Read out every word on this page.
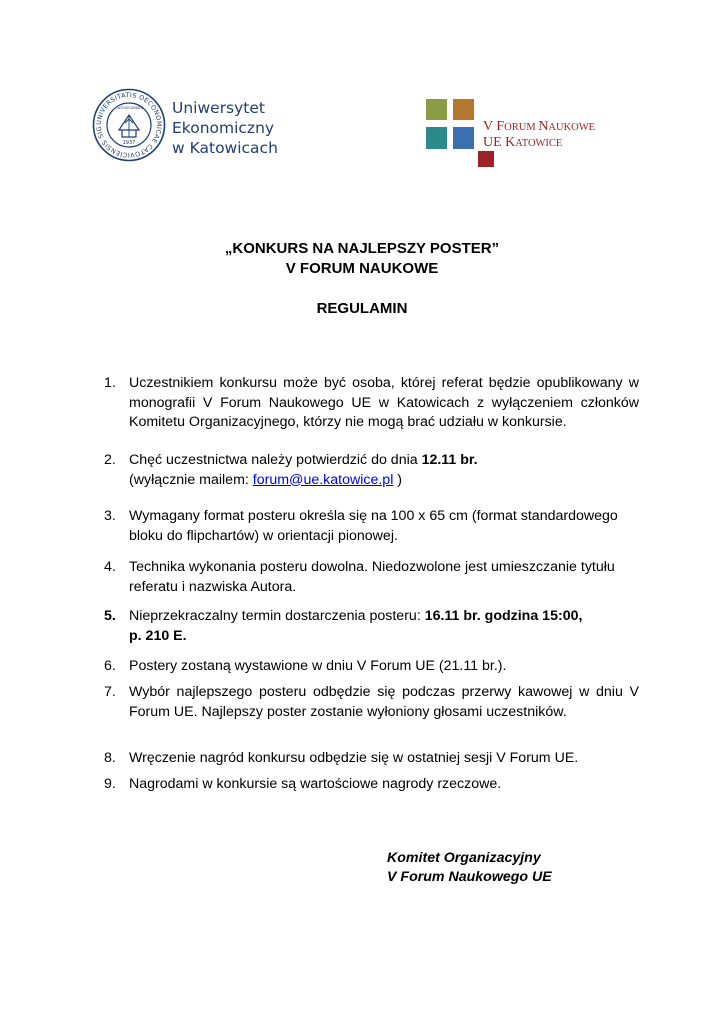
UNIVERSITATIS OECONOMICAE CATOVICIENSIS SIG
CATOVICIENSIS
1937
Uniwersytet
Ekonomiczny
w Katowicach
V FORUM NAUKOWE
UE KATOWICE
„KONKURS NA NAJLEPSZY POSTER”
V FORUM NAUKOWE
REGULAMIN
1. Uczestnikiem konkursu może być osoba, której referat będzie opublikowany w monografii V Forum Naukowego UE w Katowicach z wyłączeniem członków Komitetu Organizacyjnego, którzy nie mogą brać udziału w konkursie.
2. Chęć uczestnictwa należy potwierdzić do dnia 12.11 br.
(wyłącznie mailem: forum@ue.katowice.pl )
3. Wymagany format posteru określa się na 100 x 65 cm (format standardowego bloku do flipchartów) w orientacji pionowej.
4. Technika wykonania posteru dowolna. Niedozwolone jest umieszczanie tytułu referatu i nazwiska Autora.
5. Nieprzekraczalny termin dostarczenia posteru: 16.11 br. godzina 15:00,
p. 210 E.
6. Postery zostaną wystawione w dniu V Forum UE (21.11 br.).
7. Wybór najlepszego posteru odbędzie się podczas przerwy kawowej w dniu V Forum UE. Najlepszy poster zostanie wyłoniony głosami uczestników.
8. Wręczenie nagród konkursu odbędzie się w ostatniej sesji V Forum UE.
9. Nagrodami w konkursie są wartościowe nagrody rzeczowe.
Komitet Organizacyjny
V Forum Naukowego UE
